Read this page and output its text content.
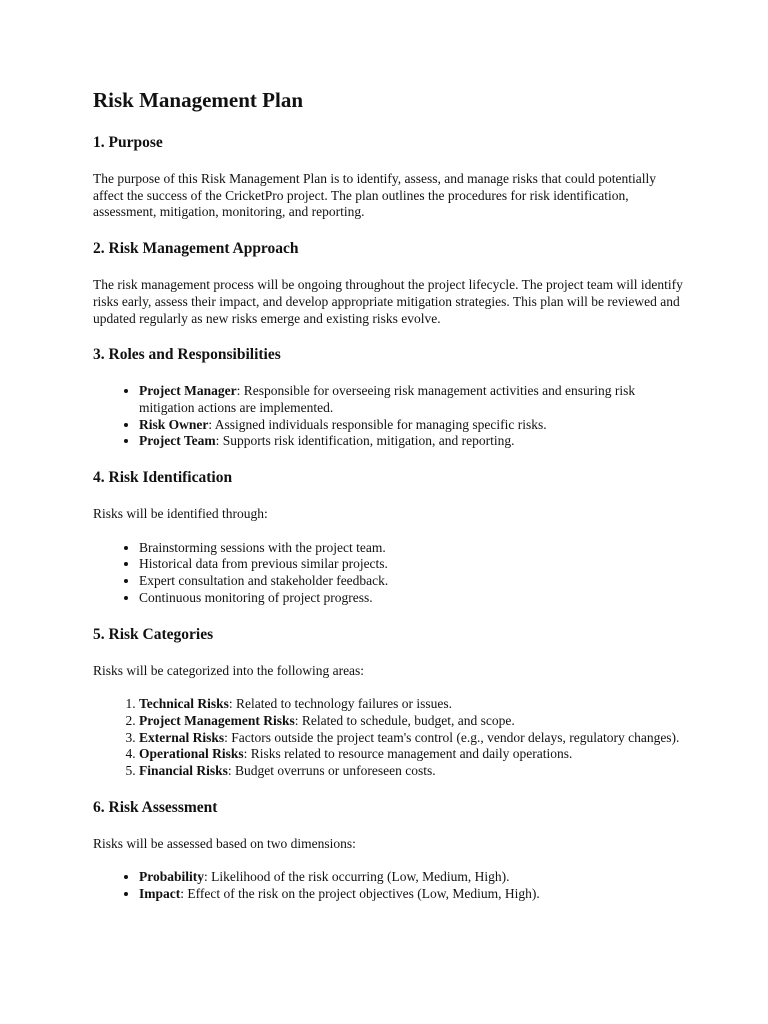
Risk Management Plan
1. Purpose

The purpose of this Risk Management Plan is to identify, assess, and manage risks that could potentially affect the success of the CricketPro project. The plan outlines the procedures for risk identification, assessment, mitigation, monitoring, and reporting.

2. Risk Management Approach

The risk management process will be ongoing throughout the project lifecycle. The project team will identify risks early, assess their impact, and develop appropriate mitigation strategies. This plan will be reviewed and updated regularly as new risks emerge and existing risks evolve.

3. Roles and Responsibilities
• Project Manager: Responsible for overseeing risk management activities and ensuring risk mitigation actions are implemented.
• Risk Owner: Assigned individuals responsible for managing specific risks.
• Project Team: Supports risk identification, mitigation, and reporting.
4. Risk Identification

Risks will be identified through:

• Brainstorming sessions with the project team.
• Historical data from previous similar projects.
• Expert consultation and stakeholder feedback.
• Continuous monitoring of project progress.
5. Risk Categories

Risks will be categorized into the following areas:

1. Technical Risks: Related to technology failures or issues.
2. Project Management Risks: Related to schedule, budget, and scope.
3. External Risks: Factors outside the project team's control (e.g., vendor delays, regulatory changes).
4. Operational Risks: Risks related to resource management and daily operations.
5. Financial Risks: Budget overruns or unforeseen costs.
6. Risk Assessment

Risks will be assessed based on two dimensions:

• Probability: Likelihood of the risk occurring (Low, Medium, High).
• Impact: Effect of the risk on the project objectives (Low, Medium, High).
